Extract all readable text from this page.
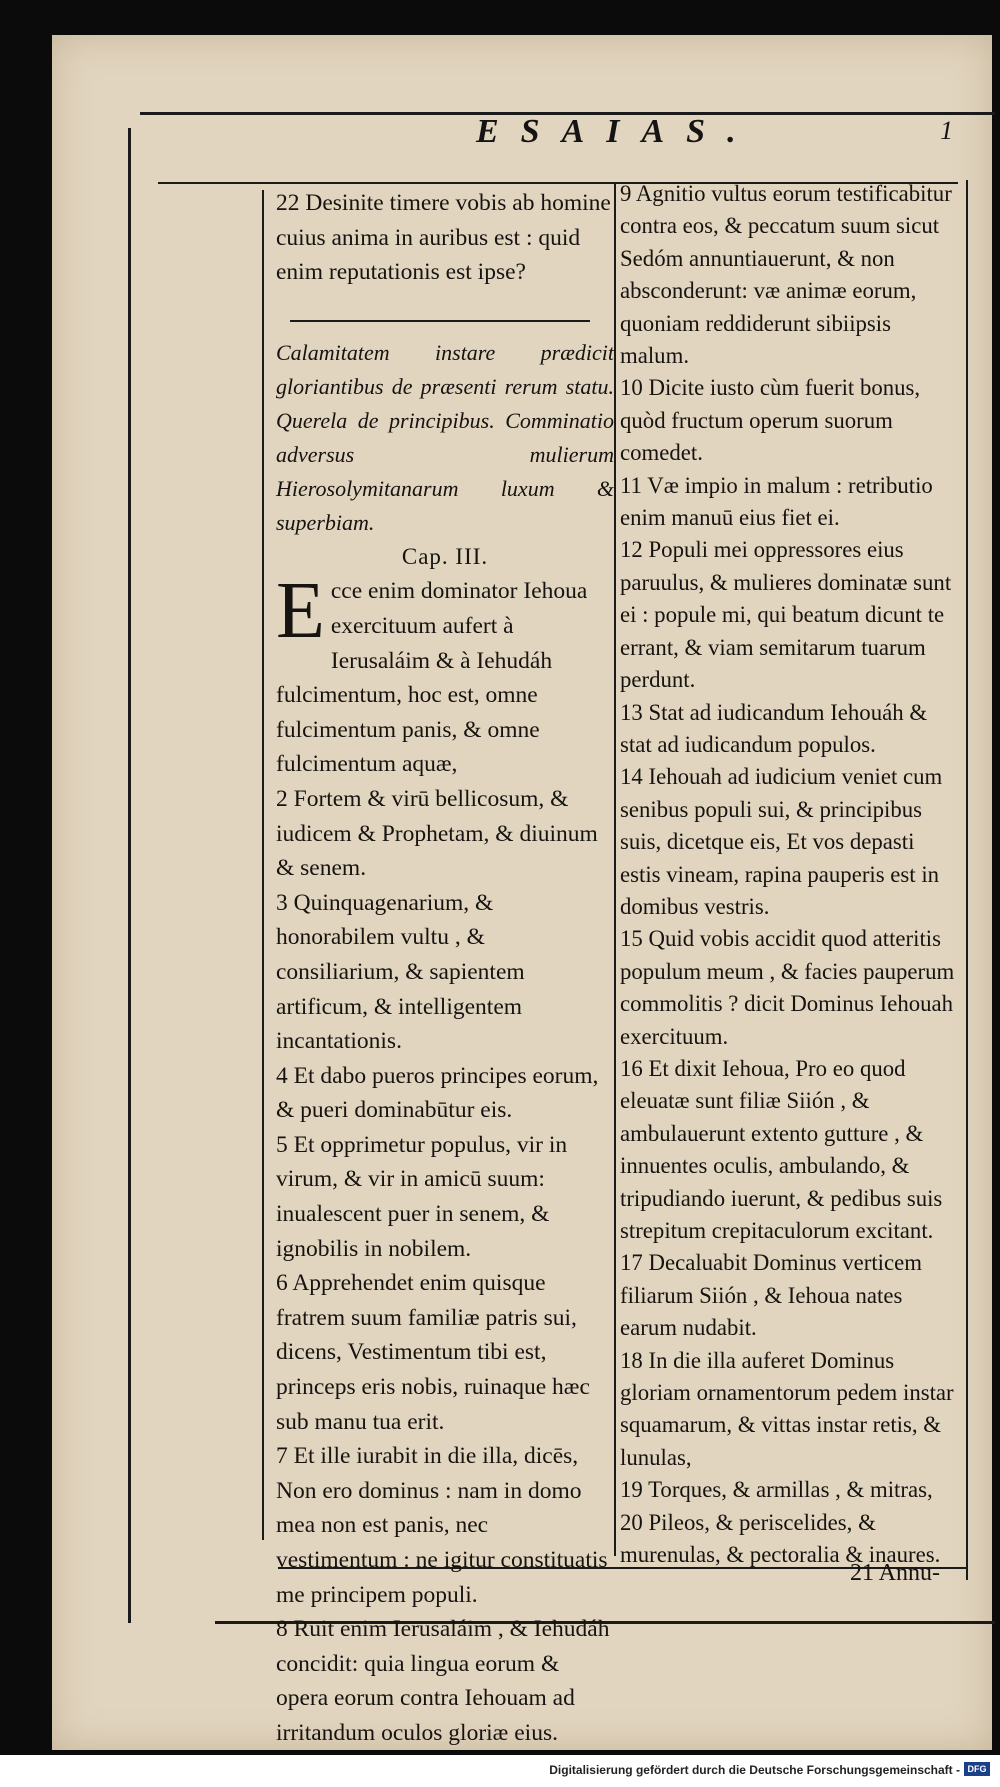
ESAIAS.	1

22 Desinite timere vobis ab homine cuius anima in auribus est : quid enim reputationis est ipse?

Calamitatem instare prædicit gloriantibus de præsenti rerum statu. Querela de principibus. Comminatio adversus mulierum Hierosolymitanarum luxum & superbiam.

Cap. III.

Ecce enim dominator Iehoua exercituum aufert à Ierusaláim & à Iehudáh fulcimentum, hoc est, omne fulcimentum panis, & omne fulcimentum aquæ,

2 Fortem & virū bellicosum, & iudicem & Prophetam, & diuinum & senem.

3 Quinquagenarium, & honorabilem vultu , & consiliarium, & sapientem artificum, & intelligentem incantationis.

4 Et dabo pueros principes eorum, & pueri dominabūtur eis.

5 Et opprimetur populus, vir in virum, & vir in amicū suum: inualescent puer in senem, & ignobilis in nobilem.

6 Apprehendet enim quisque fratrem suum familiæ patris sui, dicens, Vestimentum tibi est, princeps eris nobis, ruinaque hæc sub manu tua erit.

7 Et ille iurabit in die illa, dicēs, Non ero dominus : nam in domo mea non est panis, nec vestimentum : ne igitur constituatis me principem populi.

8 Ruit enim Ierusaláim , & Iehudáh concidit: quia lingua eorum & opera eorum contra Iehouam ad irritandum oculos gloriæ eius.

9 Agnitio vultus eorum testificabitur contra eos, & peccatum suum sicut Sedóm annuntiauerunt, & non absconderunt: væ animæ eorum, quoniam reddiderunt sibiipsis malum.

10 Dicite iusto cùm fuerit bonus, quòd fructum operum suorum comedet.

11 Væ impio in malum : retributio enim manuū eius fiet ei.

12 Populi mei oppressores eius paruulus, & mulieres dominatæ sunt ei : popule mi, qui beatum dicunt te errant, & viam semitarum tuarum perdunt.

13 Stat ad iudicandum Iehouáh & stat ad iudicandum populos.

14 Iehouah ad iudicium veniet cum senibus populi sui, & principibus suis, dicetque eis, Et vos depasti estis vineam, rapina pauperis est in domibus vestris.

15 Quid vobis accidit quod atteritis populum meum , & facies pauperum commolitis ? dicit Dominus Iehouah exercituum.

16 Et dixit Iehoua, Pro eo quod eleuatæ sunt filiæ Siión , & ambulauerunt extento gutture , & innuentes oculis, ambulando, & tripudiando iuerunt, & pedibus suis strepitum crepitaculorum excitant.

17 Decaluabit Dominus verticem filiarum Siión , & Iehoua nates earum nudabit.

18 In die illa auferet Dominus gloriam ornamentorum pedem instar squamarum, & vittas instar retis, & lunulas,

19 Torques, & armillas , & mitras,

20 Pileos, & periscelides, & murenulas, & pectoralia & inaures.

21 Annu-
Digitalisierung gefördert durch die Deutsche Forschungsgemeinschaft - DFG
